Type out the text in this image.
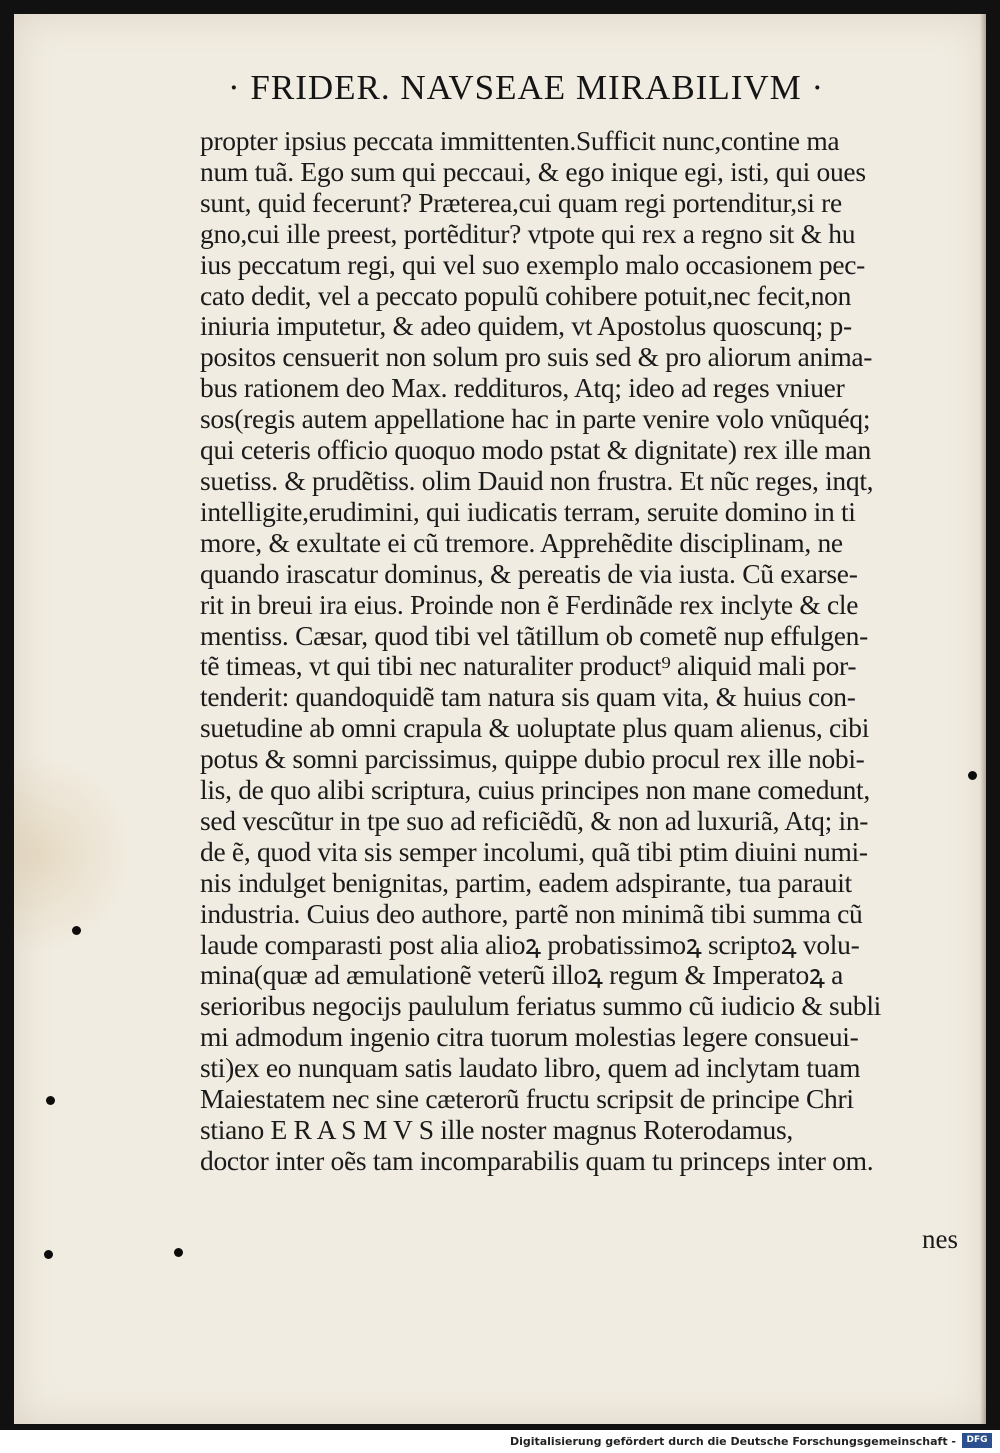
· FRIDER. NAVSEAE MIRABILIVM ·
propter ipsius peccata immittenten.Sufficit nunc,contine ma
num tuã. Ego sum qui peccaui, & ego inique egi, isti, qui oues
sunt, quid fecerunt? Præterea,cui quam regi portenditur,si re
gno,cui ille preest, portẽditur? vtpote qui rex a regno sit & hu
ius peccatum regi, qui vel suo exemplo malo occasionem pec-
cato dedit, vel a peccato populũ cohibere potuit,nec fecit,non
iniuria imputetur, & adeo quidem, vt Apostolus quoscunq; p-
positos censuerit non solum pro suis sed & pro aliorum anima-
bus rationem deo Max. reddituros, Atq; ideo ad reges vniuer
sos(regis autem appellatione hac in parte venire volo vnũquéq;
qui ceteris officio quoquo modo pstat & dignitate) rex ille man
suetiss. & prudẽtiss. olim Dauid non frustra. Et nũc reges, inqt,
intelligite,erudimini, qui iudicatis terram, seruite domino in ti
more, & exultate ei cũ tremore. Apprehẽdite disciplinam, ne
quando irascatur dominus, & pereatis de via iusta. Cũ exarse-
rit in breui ira eius. Proinde non ẽ Ferdinãde rex inclyte & cle
mentiss. Cæsar, quod tibi vel tãtillum ob cometẽ nup effulgen-
tẽ timeas, vt qui tibi nec naturaliter product⁹ aliquid mali por-
tenderit: quandoquidẽ tam natura sis quam vita, & huius con-
suetudine ab omni crapula & uoluptate plus quam alienus, cibi
potus & somni parcissimus, quippe dubio procul rex ille nobi-
lis, de quo alibi scriptura, cuius principes non mane comedunt,
sed vescũtur in tpe suo ad reficiẽdũ, & non ad luxuriã, Atq; in-
de ẽ, quod vita sis semper incolumi, quã tibi ptim diuini numi-
nis indulget benignitas, partim, eadem adspirante, tua parauit
industria. Cuius deo authore, partẽ non minimã tibi summa cũ
laude comparasti post alia alioꝝ probatissimoꝝ scriptoꝝ volu-
mina(quæ ad æmulationẽ veterũ illoꝝ regum & Imperatoꝝ a
serioribus negocijs paululum feriatus summo cũ iudicio & subli
mi admodum ingenio citra tuorum molestias legere consueui-
sti)ex eo nunquam satis laudato libro, quem ad inclytam tuam
Maiestatem nec sine cæterorũ fructu scripsit de principe Chri
stiano E R A S M V S ille noster magnus Roterodamus,
doctor inter oẽs tam incomparabilis quam tu princeps inter om.
nes
Digitalisierung gefördert durch die Deutsche Forschungsgemeinschaft -	DFG
